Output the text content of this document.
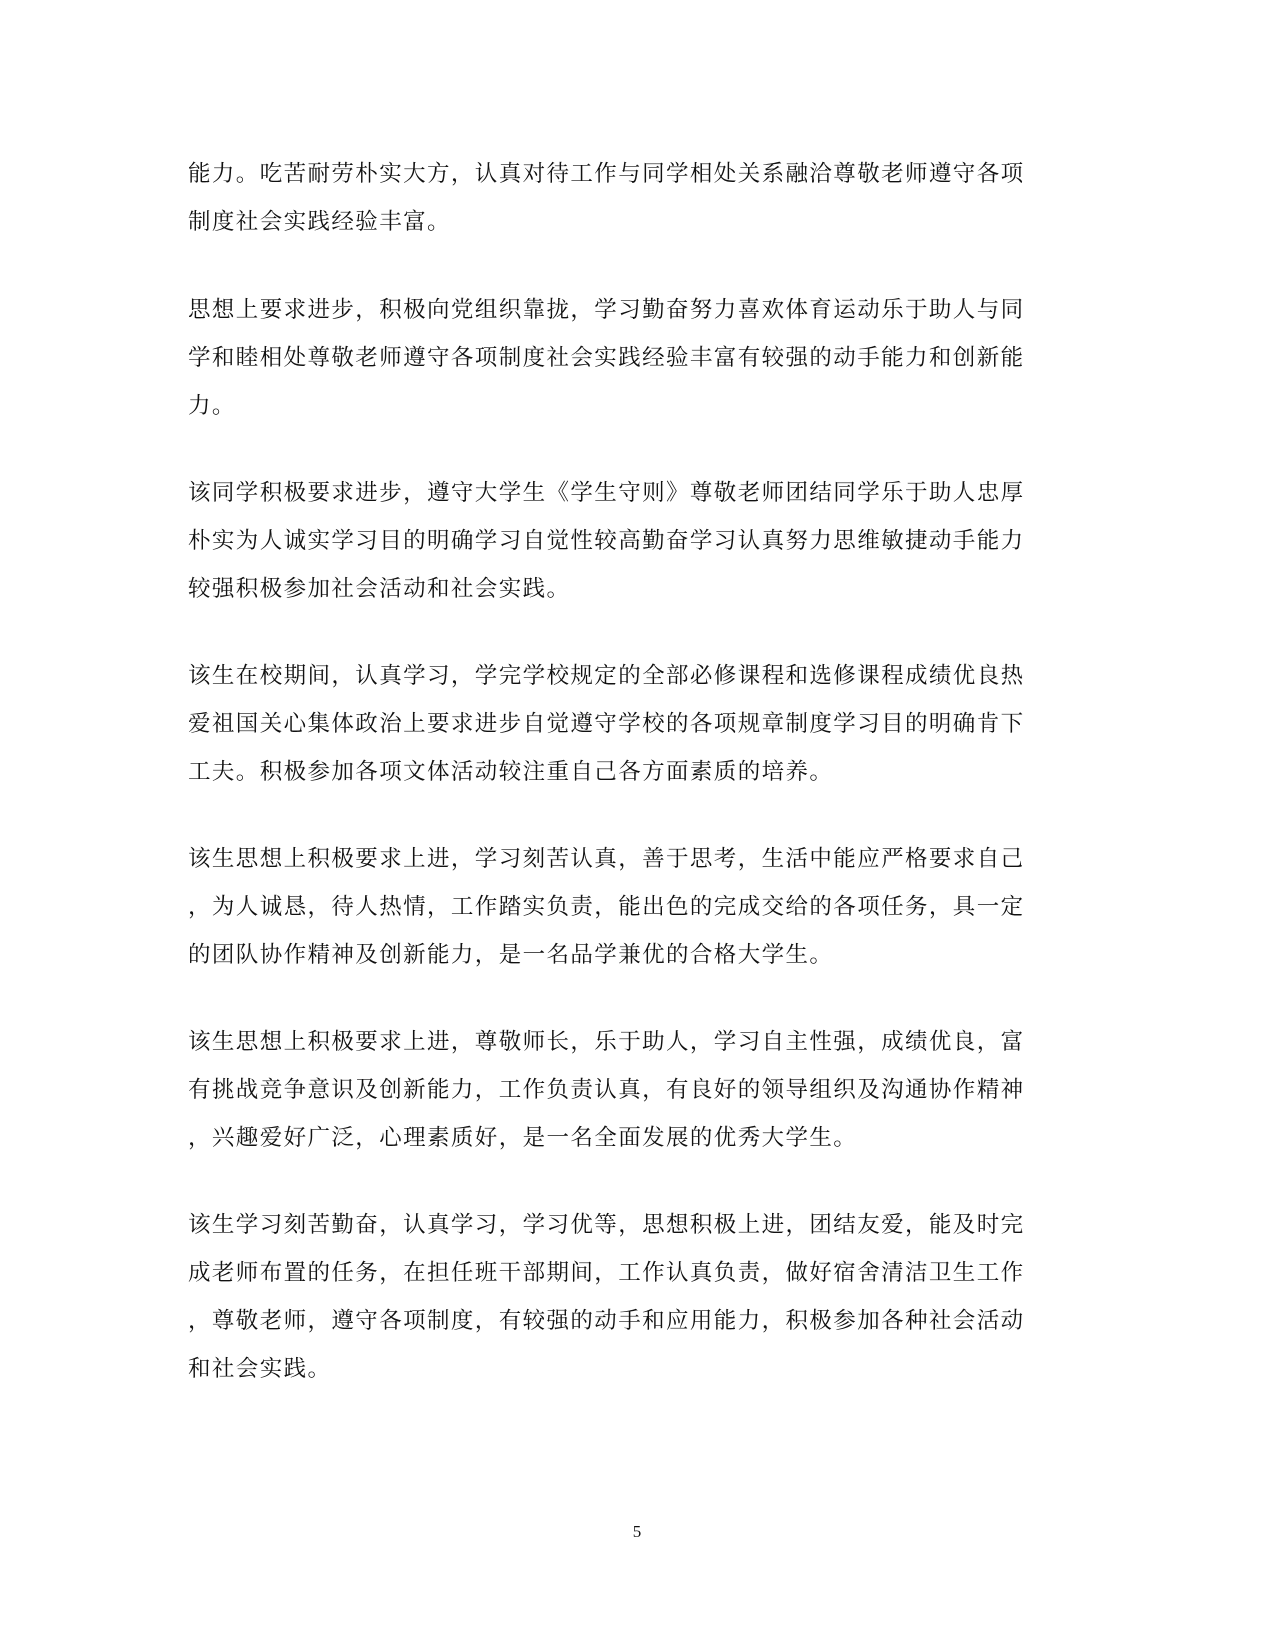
能力。吃苦耐劳朴实大方，认真对待工作与同学相处关系融洽尊敬老师遵守各项
制度社会实践经验丰富。
思想上要求进步，积极向党组织靠拢，学习勤奋努力喜欢体育运动乐于助人与同
学和睦相处尊敬老师遵守各项制度社会实践经验丰富有较强的动手能力和创新能
力。
该同学积极要求进步，遵守大学生《学生守则》尊敬老师团结同学乐于助人忠厚
朴实为人诚实学习目的明确学习自觉性较高勤奋学习认真努力思维敏捷动手能力
较强积极参加社会活动和社会实践。
该生在校期间，认真学习，学完学校规定的全部必修课程和选修课程成绩优良热
爱祖国关心集体政治上要求进步自觉遵守学校的各项规章制度学习目的明确肯下
工夫。积极参加各项文体活动较注重自己各方面素质的培养。
该生思想上积极要求上进，学习刻苦认真，善于思考，生活中能应严格要求自己
，为人诚恳，待人热情，工作踏实负责，能出色的完成交给的各项任务，具一定
的团队协作精神及创新能力，是一名品学兼优的合格大学生。
该生思想上积极要求上进，尊敬师长，乐于助人，学习自主性强，成绩优良，富
有挑战竞争意识及创新能力，工作负责认真，有良好的领导组织及沟通协作精神
，兴趣爱好广泛，心理素质好，是一名全面发展的优秀大学生。
该生学习刻苦勤奋，认真学习，学习优等，思想积极上进，团结友爱，能及时完
成老师布置的任务，在担任班干部期间，工作认真负责，做好宿舍清洁卫生工作
，尊敬老师，遵守各项制度，有较强的动手和应用能力，积极参加各种社会活动
和社会实践。
5
